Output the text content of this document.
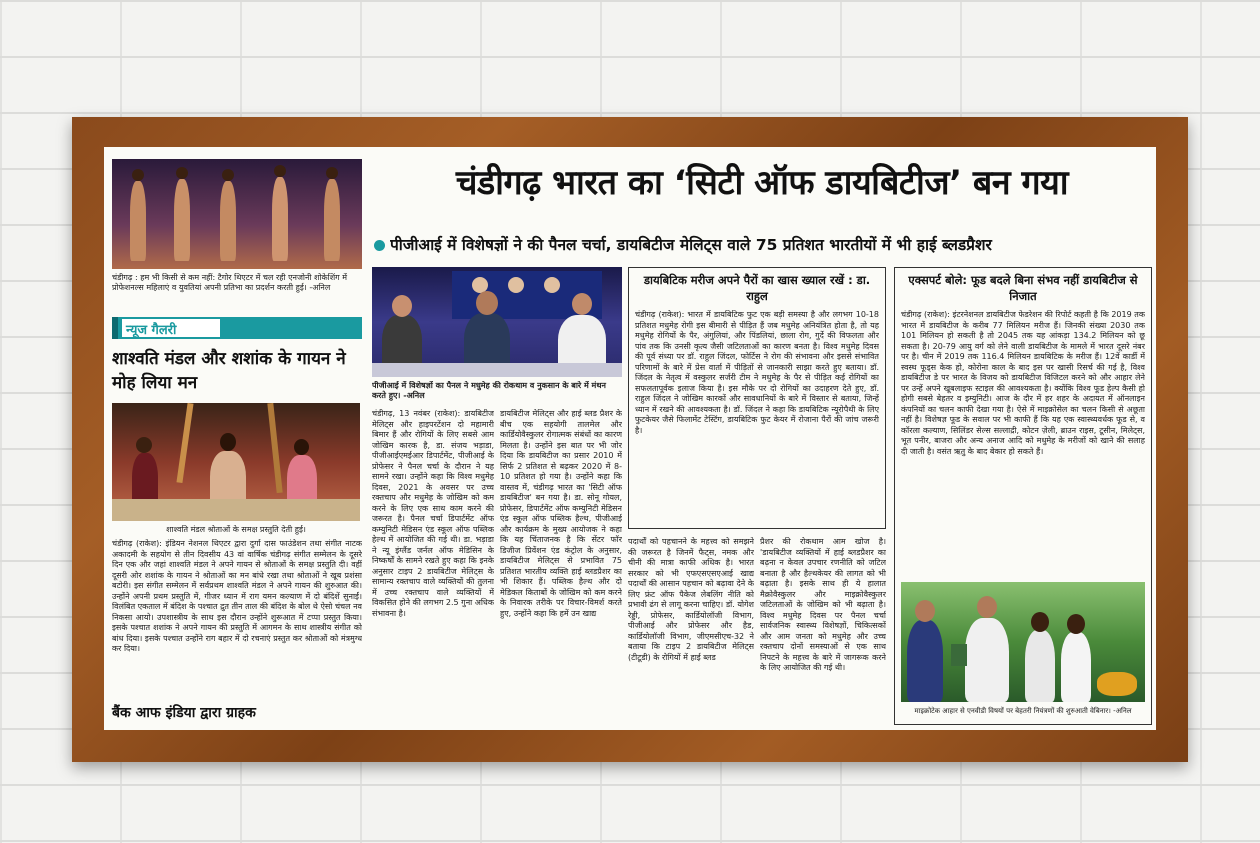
चंडीगढ़ : हम भी किसी से कम नहीं: टैगोर थिएटर में चल रही एनजोनी शोकेशिंग में प्रोफेशनल्स महिलाएं व युवतियां अपनी प्रतिभा का प्रदर्शन करती हुई। -अनिल
न्यूज गैलरी
शाश्वति मंडल और शशांक के गायन ने मोह लिया मन
शाश्वति मंडल श्रोताओं के समक्ष प्रस्तुति देती हुई।
चंडीगढ़ (राकेश): इंडियन नेशनल थिएटर द्वारा दुर्गा दास फाउंडेशन तथा संगीत नाटक अकादमी के सहयोग से तीन दिवसीय 43 वां वार्षिक चंडीगढ़ संगीत सम्मेलन के दूसरे दिन एक और जहां शाश्वति मंडल ने अपने गायन से श्रोताओं के समक्ष प्रस्तुति दी। वहीं दूसरी ओर शशांक के गायन ने श्रोताओं का मन बांधे रखा तथा श्रोताओं ने खूब प्रशंसा बटोरी। इस संगीत सम्मेलन में सर्वप्रथम शाश्वति मंडल ने अपने गायन की शुरुआत की। उन्होंने अपनी प्रथम प्रस्तुति में, गीजर ध्यान में राग यमन कल्याण में दो बंदिशें सुनाईं। विलंबित एकताल में बंदिश के पश्चात द्रुत तीन ताल की बंदिश के बोल थे ऐसो चंचल नव निकसा आयो। उपशास्त्रीय के साथ इस दौरान उन्होंने शुरूआत में टप्पा प्रस्तुत किया। इसके पश्चात शशांक ने अपने गायन की प्रस्तुति में आगमन के साथ शास्त्रीय संगीत को बांध दिया। इसके पश्चात उन्होंने राग बहार में दो रचनाएं प्रस्तुत कर श्रोताओं को मंत्रमुग्ध कर दिया।
बैंक आफ इंडिया द्वारा ग्राहक
चंडीगढ़ भारत का ‘सिटी ऑफ डायबिटीज’ बन गया
पीजीआई में विशेषज्ञों ने की पैनल चर्चा, डायबिटीज मेलिट्स वाले 75 प्रतिशत भारतीयों में भी हाई ब्लडप्रैशर
पीजीआई में विशेषज्ञों का पैनल ने मधुमेह की रोकथाम व नुकसान के बारे में मंथन करते हुए। -अनिल
चंडीगढ़, 13 नवंबर (राकेश): डायबिटीज मेलिट्स और हाइपरटेंशन दो महामारी बिमार हैं और रोगियों के लिए सबसे आम जोखिम कारक है, डा. संजय भड़ाडा, पीजीआईएमईआर डिपार्टमेंट, पीजीआई के प्रोफेसर ने पैनल चर्चा के दौरान ने यह सामने रखा। उन्होंने कहा कि विश्व मधुमेह दिवस, 2021 के अवसर पर उच्च रक्तचाप और मधुमेह के जोखिम को कम करने के लिए एक साथ काम करने की जरूरत है। पैनल चर्चा डिपार्टमेंट ऑफ कम्युनिटी मेडिसन एंड स्कूल ऑफ पब्लिक हेल्थ में आयोजित की गई थी। डा. भड़ाडा ने न्यू इंग्लैंड जर्नल ऑफ मेडिसिन के निष्कर्षों के सामने रखते हुए कहा कि इनके अनुसार टाइप 2 डायबिटीज मेलिट्स के सामान्य रक्तचाप वाले व्यक्तियों की तुलना में उच्च रक्तचाप वाले व्यक्तियों में विकसित होने की लगभग 2.5 गुना अधिक संभावना है।
डायबिटीज मेलिट्स और हाई ब्लड प्रैशर के बीच एक सहयोगी तालमेल और कार्डियोवैस्कुलर रोगात्मक संबंधों का कारण मिलता है। उन्होंने इस बात पर भी जोर दिया कि डायबिटीज का प्रसार 2010 में सिर्फ 2 प्रतिशत से बढ़कर 2020 में 8-10 प्रतिशत हो गया है। उन्होंने कहा कि वास्तव में, चंडीगढ़ भारत का 'सिटी ऑफ डायबिटीज' बन गया है। डा. सोनू गोयल, प्रोफेसर, डिपार्टमेंट ऑफ कम्युनिटी मेडिसन एंड स्कूल ऑफ पब्लिक हैल्थ, पीजीआई और कार्यक्रम के मुख्य आयोजक ने कहा कि यह चिंताजनक है कि सेंटर फॉर डिजीज प्रिवेंशन एंड कंट्रोल के अनुसार, डायबिटीज मेलिट्स से प्रभावित 75 प्रतिशत भारतीय व्यक्ति हाई ब्लडप्रैशर का भी शिकार हैं। पब्लिक हैल्थ और दो मेडिकल किताबों के जोखिम को कम करने के निवारक तरीके पर विचार-विमर्श करते हुए, उन्होंने कहा कि हमें उन खाद्य
डायबिटिक मरीज अपने पैरों का खास ख्याल रखें : डा. राहुल
चंडीगढ़ (राकेश): भारत में डायबिटिक फुट एक बड़ी समस्या है और लगभग 10-18 प्रतिशत मधुमेह रोगी इस बीमारी से पीड़ित हैं जब मधुमेह अनियंत्रित होता है, तो यह मधुमेह रोगियों के पैर, अंगुलियां, और पिंडलियां, छाला रोग, गुर्दे की विफलता और पांव तक कि उनसी कृत्य जैसी जटिलताओं का कारण बनता है। विश्व मधुमेह दिवस की पूर्व संध्या पर डॉ. राहुल जिंदल, फोर्टिस ने रोग की संभावना और इससे संभावित परिणामों के बारे में प्रेस वार्ता में पीड़ितों से जानकारी साझा करते हुए बताया। डॉ. जिंदल के नेतृत्व में वस्कुलर सर्जरी टीम ने मधुमेह के पैर से पीड़ित कई रोगियों का सफलतापूर्वक इलाज किया है। इस मौके पर दो रोगियों का उदाहरण देते हुए, डॉ. राहुल जिंदल ने जोखिम कारकों और सावधानियों के बारे में विस्तार से बताया, जिन्हें ध्यान में रखने की आवश्यकता है। डॉ. जिंदल ने कहा कि डायबिटिक न्यूरोपैथी के लिए फुटकेयर जैसे फिलामेंट टेस्टिंग, डायबिटिक फुट केयर में रोजाना पैरों की जांच जरूरी है।
पदार्थों को पहचानने के महत्त्व को समझने की जरूरत है जिनमें फैट्स, नमक और चीनी की मात्रा काफी अधिक है। भारत सरकार को भी एफएसएसएआई खाद्य पदार्थों की आसान पहचान को बढ़ावा देने के लिए फ्रंट ऑफ पैकेज लेबलिंग नीति को प्रभावी ढंग से लागू करना चाहिए। डॉ. योगेश रेड्डी, प्रोफेसर, कार्डियोलॉजी विभाग, पीजीआई और प्रोफेसर और हैड, कार्डियोलॉजी विभाग, जीएमसीएच-32 ने बताया कि टाइप 2 डायबिटीज मेलिट्स (टीटूडी) के रोगियों में हाई ब्लड
प्रैशर की रोकथाम आम खोज है। 'डायबिटीज व्यक्तियों में हाई ब्लडप्रैशर का बढ़ना न केवल उपचार रणनीति को जटिल बनाता है और हैल्थकेयर की लागत को भी बढ़ाता है। इसके साथ ही ये हालात मैक्रोवैस्कुलर और माइक्रोवैस्कुलर जटिलताओं के जोखिम को भी बढ़ाता है। विश्व मधुमेह दिवस पर पैनल चर्चा सार्वजनिक स्वास्थ्य विशेषज्ञों, चिकित्सकों और आम जनता को मधुमेह और उच्च रक्तचाप दोनों समस्याओं से एक साथ निपटने के महत्त्व के बारे में जागरूक करने के लिए आयोजित की गई थी।
एक्सपर्ट बोले: फूड बदले बिना संभव नहीं डायबिटीज से निजात
चंडीगढ़ (राकेश): इंटरनेशनल डायबिटीज फेडरेशन की रिपोर्ट कहती है कि 2019 तक भारत में डायबिटीज के करीब 77 मिलियन मरीज हैं। जिनकी संख्या 2030 तक 101 मिलियन हो सकती है तो 2045 तक यह आंकड़ा 134.2 मिलियन को छू सकता है। 20-79 आयु वर्ग को लेने वाली डायबिटीज के मामले में भारत दूसरे नंबर पर है। चीन में 2019 तक 116.4 मिलियन डायबिटिक के मरीज हैं। 12वें कार्डी में स्वस्थ फूड्स केक हो, कोरोना काल के बाद इस पर खासी रिसर्च की गई है, विश्व डायबिटीज डे पर भारत के विजय को डायबिटीज विजिटल करने को और आहार लेने पर उन्हें अपने खूबलाइफ स्टाइल की आवश्यकता है। क्योंकि विश्व फूड हेल्प कैसी हो होगी सबसे बेहतर व इम्युनिटी। आज के दौर में हर शहर के अदायत में ऑनलाइन कंपनियों का चलन काफी देखा गया है। ऐसे में माइक्रोसेल का चलन किसी से अछूता नहीं है। विशेषज्ञ फूड के सवाल पर भी काफी हैं कि यह एक स्वास्थ्यवर्धक फूड से, व कॉरला कल्याण, सिलिंडर सेल्स सल्लाद्री, कोटन ज़ेली, ब्राउन राइस, टूसीन, मिलेट्स, भूत पनीर, बाजरा और अन्य अनाज आदि को मधुमेह के मरीजों को खाने की सलाह दी जाती है। वसंत ऋतु के बाद बेकार हो सकते हैं।
माइक्रोटेक आहार से एनवीडी विषयों पर बेहतरी नियंत्रणों की शुरुआती वेबिनार। -अनिल
